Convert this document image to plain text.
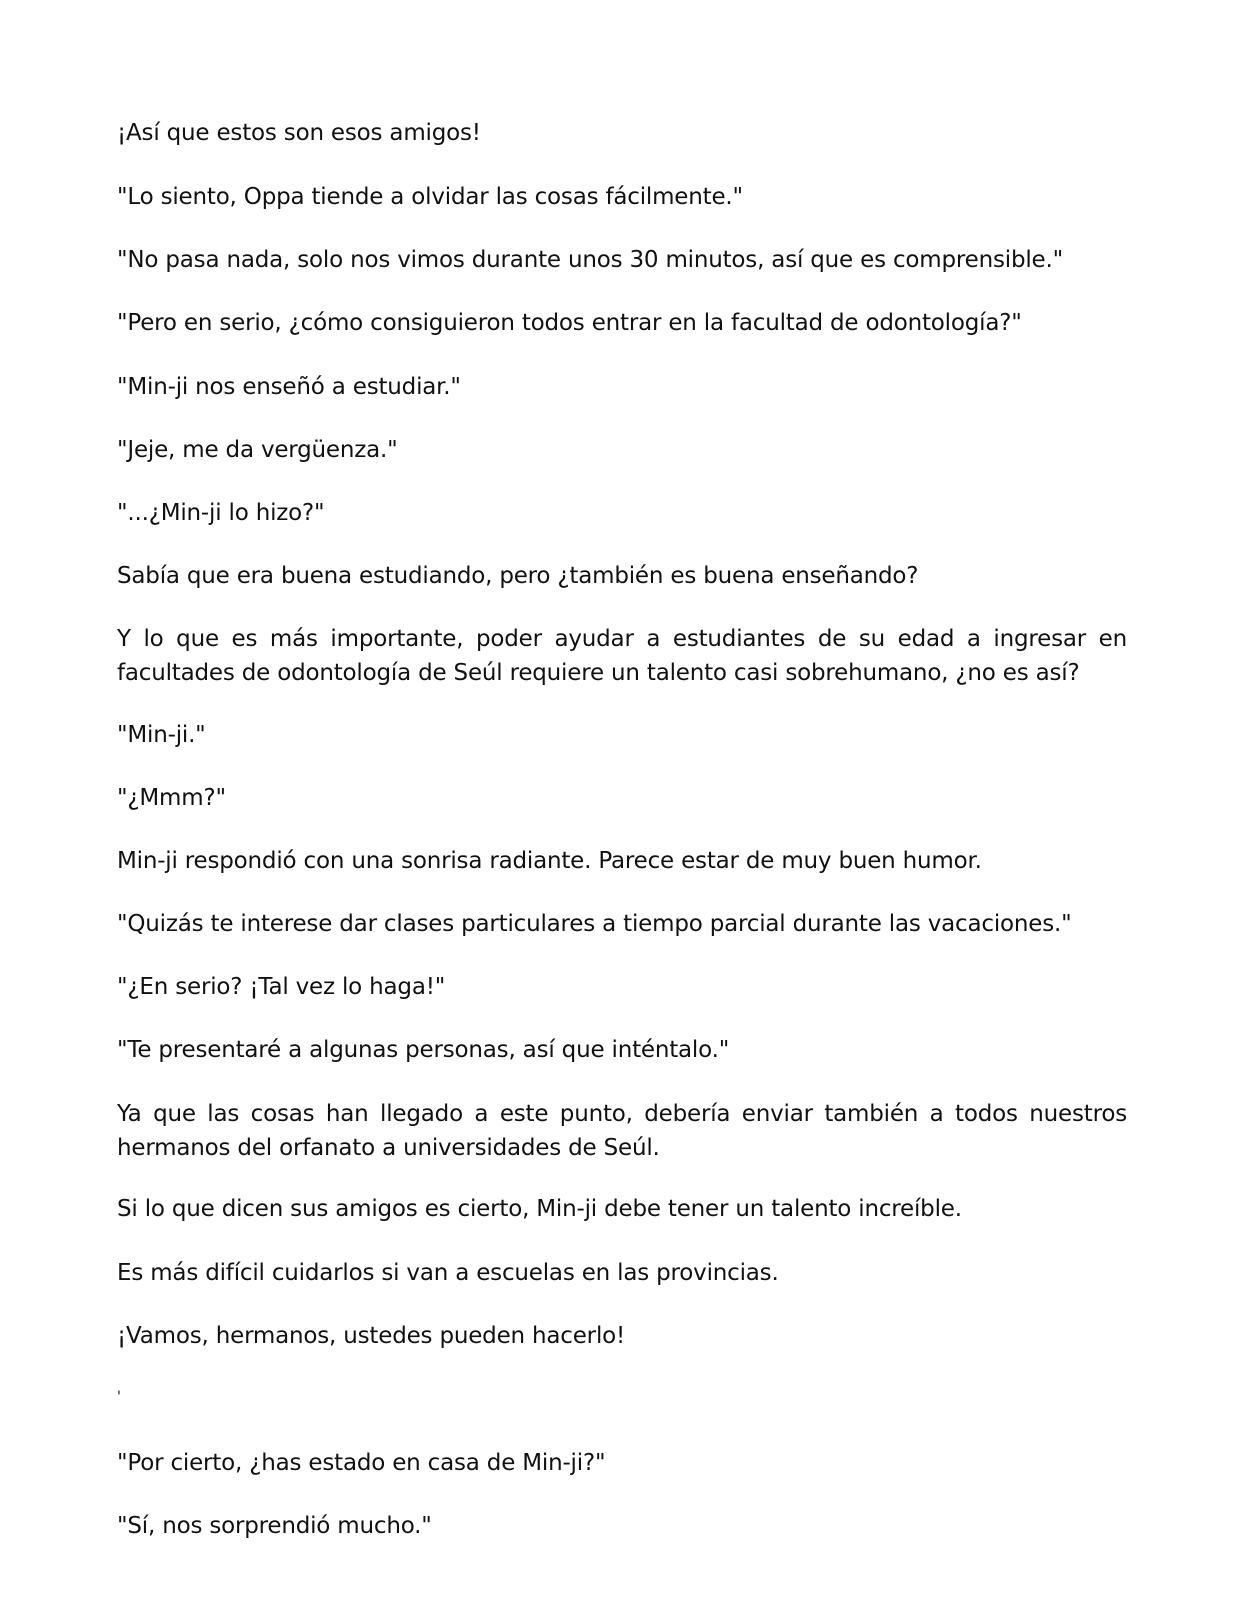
¡Así que estos son esos amigos!

"Lo siento, Oppa tiende a olvidar las cosas fácilmente."

"No pasa nada, solo nos vimos durante unos 30 minutos, así que es comprensible."

"Pero en serio, ¿cómo consiguieron todos entrar en la facultad de odontología?"

"Min-ji nos enseñó a estudiar."

"Jeje, me da vergüenza."

"...¿Min-ji lo hizo?"

Sabía que era buena estudiando, pero ¿también es buena enseñando?

Y lo que es más importante, poder ayudar a estudiantes de su edad a ingresar en facultades de odontología de Seúl requiere un talento casi sobrehumano, ¿no es así?

"Min-ji."

"¿Mmm?"

Min-ji respondió con una sonrisa radiante. Parece estar de muy buen humor.

"Quizás te interese dar clases particulares a tiempo parcial durante las vacaciones."

"¿En serio? ¡Tal vez lo haga!"

"Te presentaré a algunas personas, así que inténtalo."

Ya que las cosas han llegado a este punto, debería enviar también a todos nuestros hermanos del orfanato a universidades de Seúl.

Si lo que dicen sus amigos es cierto, Min-ji debe tener un talento increíble.

Es más difícil cuidarlos si van a escuelas en las provincias.

¡Vamos, hermanos, ustedes pueden hacerlo!

'

"Por cierto, ¿has estado en casa de Min-ji?"

"Sí, nos sorprendió mucho."
